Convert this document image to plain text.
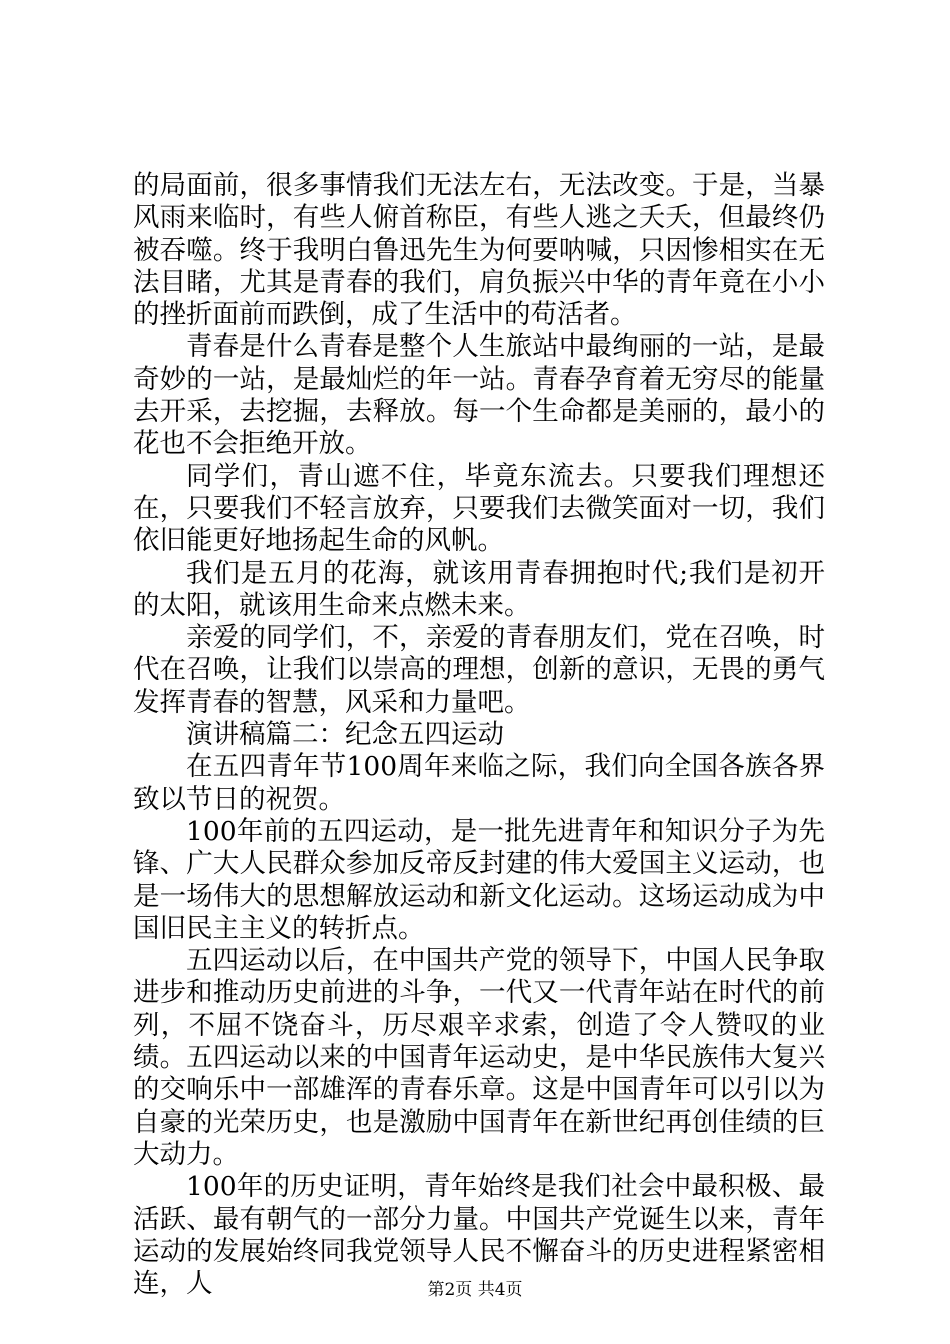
的局面前，很多事情我们无法左右，无法改变。于是，当暴风雨来临时，有些人俯首称臣，有些人逃之夭夭，但最终仍被吞噬。终于我明白鲁迅先生为何要呐喊，只因惨相实在无法目睹，尤其是青春的我们，肩负振兴中华的青年竟在小小的挫折面前而跌倒，成了生活中的苟活者。

青春是什么青春是整个人生旅站中最绚丽的一站，是最奇妙的一站，是最灿烂的年一站。青春孕育着无穷尽的能量去开采，去挖掘，去释放。每一个生命都是美丽的，最小的花也不会拒绝开放。

同学们，青山遮不住，毕竟东流去。只要我们理想还在，只要我们不轻言放弃，只要我们去微笑面对一切，我们依旧能更好地扬起生命的风帆。

我们是五月的花海，就该用青春拥抱时代;我们是初开的太阳，就该用生命来点燃未来。

亲爱的同学们，不，亲爱的青春朋友们，党在召唤，时代在召唤，让我们以崇高的理想，创新的意识，无畏的勇气发挥青春的智慧，风采和力量吧。

演讲稿篇二：纪念五四运动

在五四青年节100周年来临之际，我们向全国各族各界致以节日的祝贺。

100年前的五四运动，是一批先进青年和知识分子为先锋、广大人民群众参加反帝反封建的伟大爱国主义运动，也是一场伟大的思想解放运动和新文化运动。这场运动成为中国旧民主主义的转折点。

五四运动以后，在中国共产党的领导下，中国人民争取进步和推动历史前进的斗争，一代又一代青年站在时代的前列，不屈不饶奋斗，历尽艰辛求索，创造了令人赞叹的业绩。五四运动以来的中国青年运动史，是中华民族伟大复兴的交响乐中一部雄浑的青春乐章。这是中国青年可以引以为自豪的光荣历史，也是激励中国青年在新世纪再创佳绩的巨大动力。

100年的历史证明，青年始终是我们社会中最积极、最活跃、最有朝气的一部分力量。中国共产党诞生以来，青年运动的发展始终同我党领导人民不懈奋斗的历史进程紧密相连，人	第2页 共4页
